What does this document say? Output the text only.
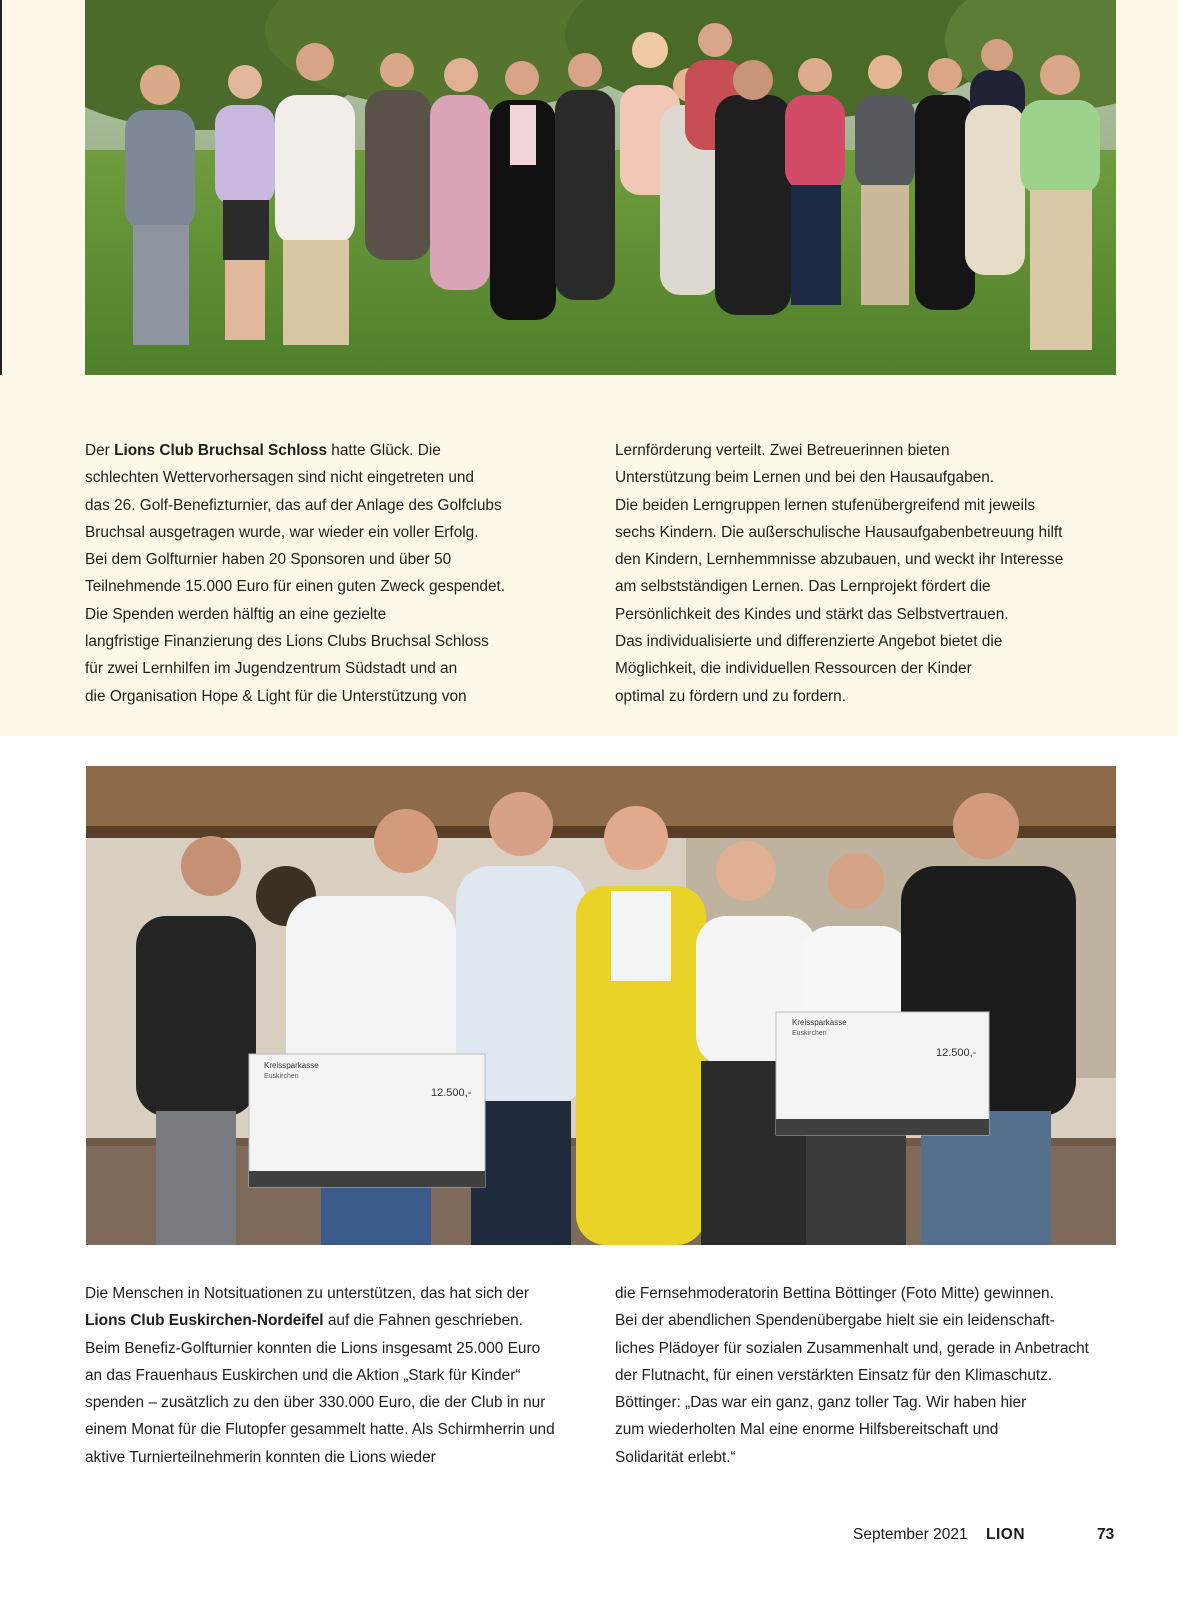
Der Lions Club Bruchsal Schloss hatte Glück. Die

schlechten Wettervorhersagen sind nicht eingetreten und

das 26. Golf-Benefizturnier, das auf der Anlage des Golfclubs

Bruchsal ausgetragen wurde, war wieder ein voller Erfolg.

Bei dem Golfturnier haben 20 Sponsoren und über 50

Teilnehmende 15.000 Euro für einen guten Zweck gespendet.

Die Spenden werden hälftig an eine gezielte

langfristige Finanzierung des Lions Clubs Bruchsal Schloss

für zwei Lernhilfen im Jugendzentrum Südstadt und an

die Organisation Hope & Light für die Unterstützung von

Lernförderung verteilt. Zwei Betreuerinnen bieten

Unterstützung beim Lernen und bei den Hausaufgaben.

Die beiden Lerngruppen lernen stufenübergreifend mit jeweils

sechs Kindern. Die außerschulische Hausaufgabenbetreuung hilft

den Kindern, Lernhemmnisse abzubauen, und weckt ihr Interesse

am selbstständigen Lernen. Das Lernprojekt fördert die

Persönlichkeit des Kindes und stärkt das Selbstvertrauen.

Das individualisierte und differenzierte Angebot bietet die

Möglichkeit, die individuellen Ressourcen der Kinder

optimal zu fördern und zu fordern.

Kreissparkasse
Euskirchen
12.500,-
Kreissparkasse
Euskirchen
12.500,-

Die Menschen in Notsituationen zu unterstützen, das hat sich der

Lions Club Euskirchen-Nordeifel auf die Fahnen geschrieben.

Beim Benefiz-Golfturnier konnten die Lions insgesamt 25.000 Euro

an das Frauenhaus Euskirchen und die Aktion „Stark für Kinder“

spenden – zusätzlich zu den über 330.000 Euro, die der Club in nur

einem Monat für die Flutopfer gesammelt hatte. Als Schirmherrin und

aktive Turnierteilnehmerin konnten die Lions wieder

die Fernsehmoderatorin Bettina Böttinger (Foto Mitte) gewinnen.

Bei der abendlichen Spendenübergabe hielt sie ein leidenschaft-

liches Plädoyer für sozialen Zusammenhalt und, gerade in Anbetracht

der Flutnacht, für einen verstärkten Einsatz für den Klimaschutz.

Böttinger: „Das war ein ganz, ganz toller Tag. Wir haben hier

zum wiederholten Mal eine enorme Hilfsbereitschaft und

Solidarität erlebt.“

September 2021 LION	73
